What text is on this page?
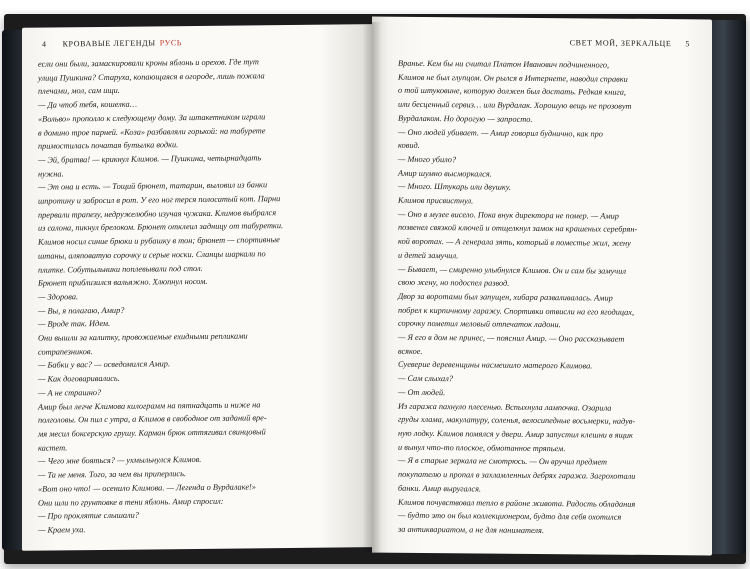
4 КРОВАВЫЕ ЛЕГЕНДЫ РУСЬ
если они были, замаскировали кроны яблонь и орехов. Где тут
улица Пушкина? Старуха, копающаяся в огороде, лишь пожала
плечами, мол, сам ищи.
— Да чтоб тебя, кошелка…
«Вольво» прополло к следующему дому. За штакетником играли
в домино трое парней. «Коза» разбавляли горькой: на табурете
примостилась початая бутылка водки.
— Эй, братва! — крикнул Климов. — Пушкина, четырнадцать
нужна.
— Эт она и есть. — Тощий брюнет, татарин, выловил из банки
шпротину и забросил в рот. У его ног терся полосатый кот. Парни
прервали трапезу, недружелюбно изучая чужака. Климов выбрался
из салона, пикнул брелоком. Брюнет отклеил задницу от табуретки.
Климов носил синие брюки и рубашку в тон; брюнет — спортивные
штаны, аляповатую сорочку и серые носки. Сланцы шаркали по
плитке. Собутыльники поплевывали под стол.
Брюнет приблизился вальяжно. Хлюпнул носом.
— Здорова.
— Вы, я полагаю, Амир?
— Вроде так. Идем.
Они вышли за калитку, провожаемые ехидными репликами
сотрапезников.
— Бабки у вас? — осведомился Амир.
— Как договаривались.
— А не страшно?
Амир был легче Климова килограмм на пятнадцать и ниже на
полголовы. Он пил с утра, а Климов в свободное от заданий вре-
мя месил боксерскую грушу. Карман брюк оттягивал свинцовый
кастет.
— Чего мне бояться? — ухмыльнулся Климов.
— Та не меня. Того, за чем вы приперлись.
«Вот оно что! — осенило Климова. — Легенда о Вурдалаке!»
Они шли по грунтовке в тени яблонь. Амир спросил:
— Про проклятие слышали?
— Краем уха.
СВЕТ МОЙ, ЗЕРКАЛЬЦЕ 5
Вранье. Кем бы ни считал Платон Иванович подчиненного,
Климов не был глупцом. Он рылся в Интернете, наводил справки
о той штуковине, которую должен был достать. Редкая книга,
или бесценный сервиз… или Вурдалак. Хорошую вещь не прозовут
Вурдалаком. Но дорогую — запросто.
— Оно людей убивает. — Амир говорил буднично, как про
ковид.
— Много убило?
Амир шумно высморкался.
— Много. Штукарь или двушку.
Климов присвистнул.
— Оно в музее висело. Пока внук директора не помер. — Амир
позвенел связкой ключей и отщелкнул замок на крашеных серебрян-
кой воротах. — А генерала зять, который в поместье жил, жену
и детей замучил.
— Бывает, — смиренно улыбнулся Климов. Он и сам бы замучил
свою жену, но подоспел развод.
Двор за воротами был запущен, хибара разваливалась. Амир
побрел к кирпичному гаражу. Спортивки отвисли на его ягодицах,
сорочку пометил меловый отпечаток ладони.
— Я его в дом не принес, — пояснил Амир. — Оно рассказывает
всякое.
Суеверие деревенщины насмешило матерого Климова.
— Сам слыхал?
— От людей.
Из гаража пахнуло плесенью. Вспыхнула лампочка. Озарила
груды хлама, макулатуру, соленья, велосипедные восьмерки, надув-
ную лодку. Климов помялся у двери. Амир запустил клешни в ящик
и вынул что-то плоское, обмотанное тряпьем.
— Я в старые зеркала не смотрюсь. — Он вручил предмет
покупателю и пропал в захламленных дебрях гаража. Загрохотали
банки. Амир выругался.
Климов почувствовал тепло в районе живота. Радость обладания
— будто это он был коллекционером, будто для себя охотился
за антиквариатом, а не для нанимателя.
